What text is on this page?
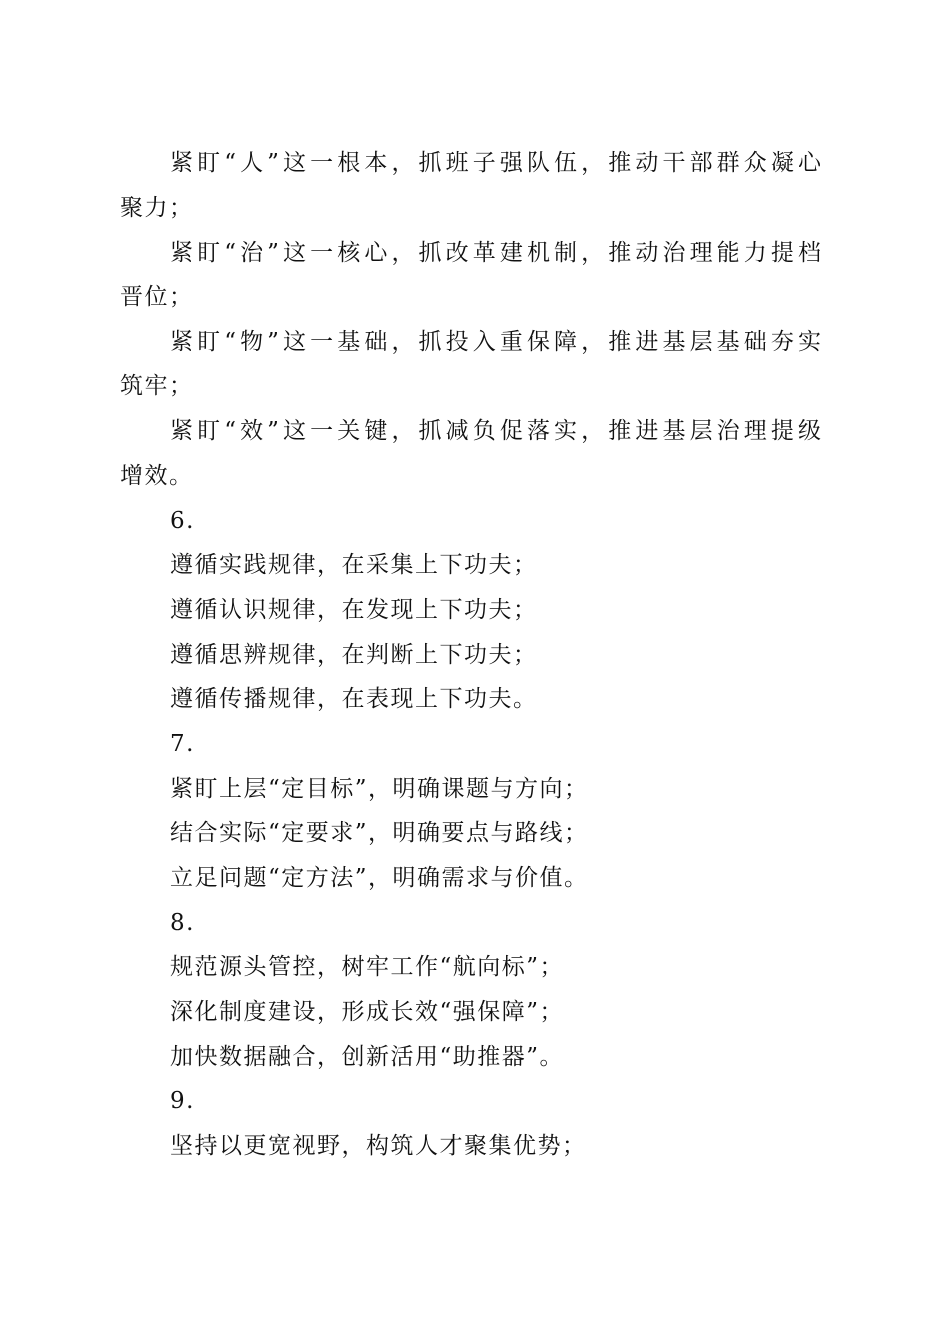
紧盯“人”这一根本，抓班子强队伍，推动干部群众凝心
聚力；
紧盯“治”这一核心，抓改革建机制，推动治理能力提档
晋位；
紧盯“物”这一基础，抓投入重保障，推进基层基础夯实
筑牢；
紧盯“效”这一关键，抓减负促落实，推进基层治理提级
增效。
6.
遵循实践规律，在采集上下功夫；
遵循认识规律，在发现上下功夫；
遵循思辨规律，在判断上下功夫；
遵循传播规律，在表现上下功夫。
7.
紧盯上层“定目标”，明确课题与方向；
结合实际“定要求”，明确要点与路线；
立足问题“定方法”，明确需求与价值。
8.
规范源头管控，树牢工作“航向标”；
深化制度建设，形成长效“强保障”；
加快数据融合，创新活用“助推器”。
9.
坚持以更宽视野，构筑人才聚集优势；
